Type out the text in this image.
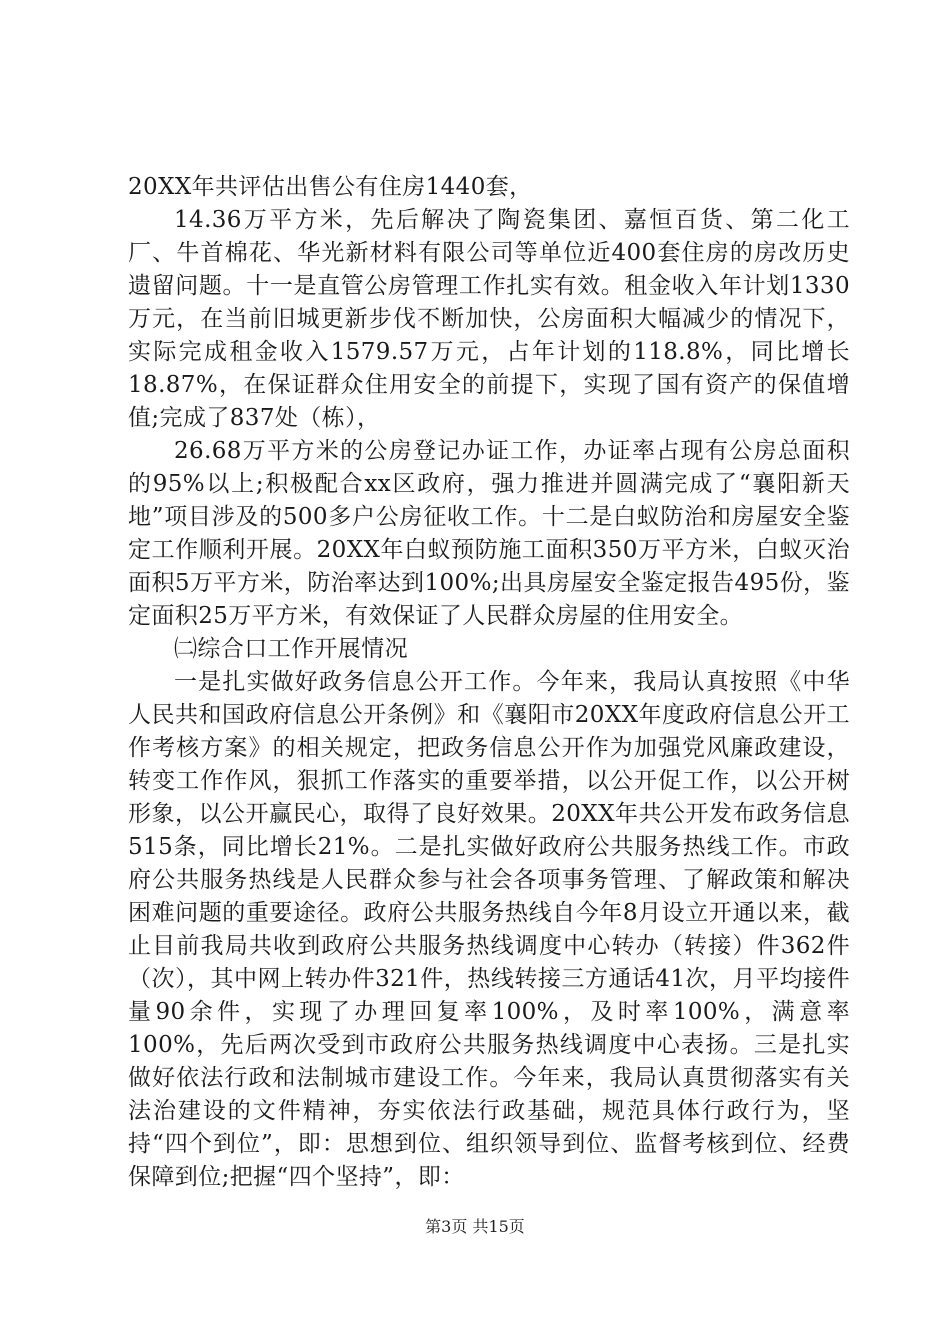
20XX年共评估出售公有住房1440套，

14.36万平方米，先后解决了陶瓷集团、嘉恒百货、第二化工厂、牛首棉花、华光新材料有限公司等单位近400套住房的房改历史遗留问题。十一是直管公房管理工作扎实有效。租金收入年计划1330万元，在当前旧城更新步伐不断加快，公房面积大幅减少的情况下，实际完成租金收入1579.57万元，占年计划的118.8%，同比增长18.87%，在保证群众住用安全的前提下，实现了国有资产的保值增值;完成了837处（栋），

26.68万平方米的公房登记办证工作，办证率占现有公房总面积的95%以上;积极配合xx区政府，强力推进并圆满完成了“襄阳新天地”项目涉及的500多户公房征收工作。十二是白蚁防治和房屋安全鉴定工作顺利开展。20XX年白蚁预防施工面积350万平方米，白蚁灭治面积5万平方米，防治率达到100%;出具房屋安全鉴定报告495份，鉴定面积25万平方米，有效保证了人民群众房屋的住用安全。

㈡综合口工作开展情况

一是扎实做好政务信息公开工作。今年来，我局认真按照《中华人民共和国政府信息公开条例》和《襄阳市20XX年度政府信息公开工作考核方案》的相关规定，把政务信息公开作为加强党风廉政建设，转变工作作风，狠抓工作落实的重要举措，以公开促工作，以公开树形象，以公开赢民心，取得了良好效果。20XX年共公开发布政务信息515条，同比增长21%。二是扎实做好政府公共服务热线工作。市政府公共服务热线是人民群众参与社会各项事务管理、了解政策和解决困难问题的重要途径。政府公共服务热线自今年8月设立开通以来，截止目前我局共收到政府公共服务热线调度中心转办（转接）件362件（次），其中网上转办件321件，热线转接三方通话41次，月平均接件量90余件，实现了办理回复率100%，及时率100%，满意率100%，先后两次受到市政府公共服务热线调度中心表扬。三是扎实做好依法行政和法制城市建设工作。今年来，我局认真贯彻落实有关法治建设的文件精神，夯实依法行政基础，规范具体行政行为，坚持“四个到位”，即：思想到位、组织领导到位、监督考核到位、经费保障到位;把握“四个坚持”，即：

第3页 共15页
